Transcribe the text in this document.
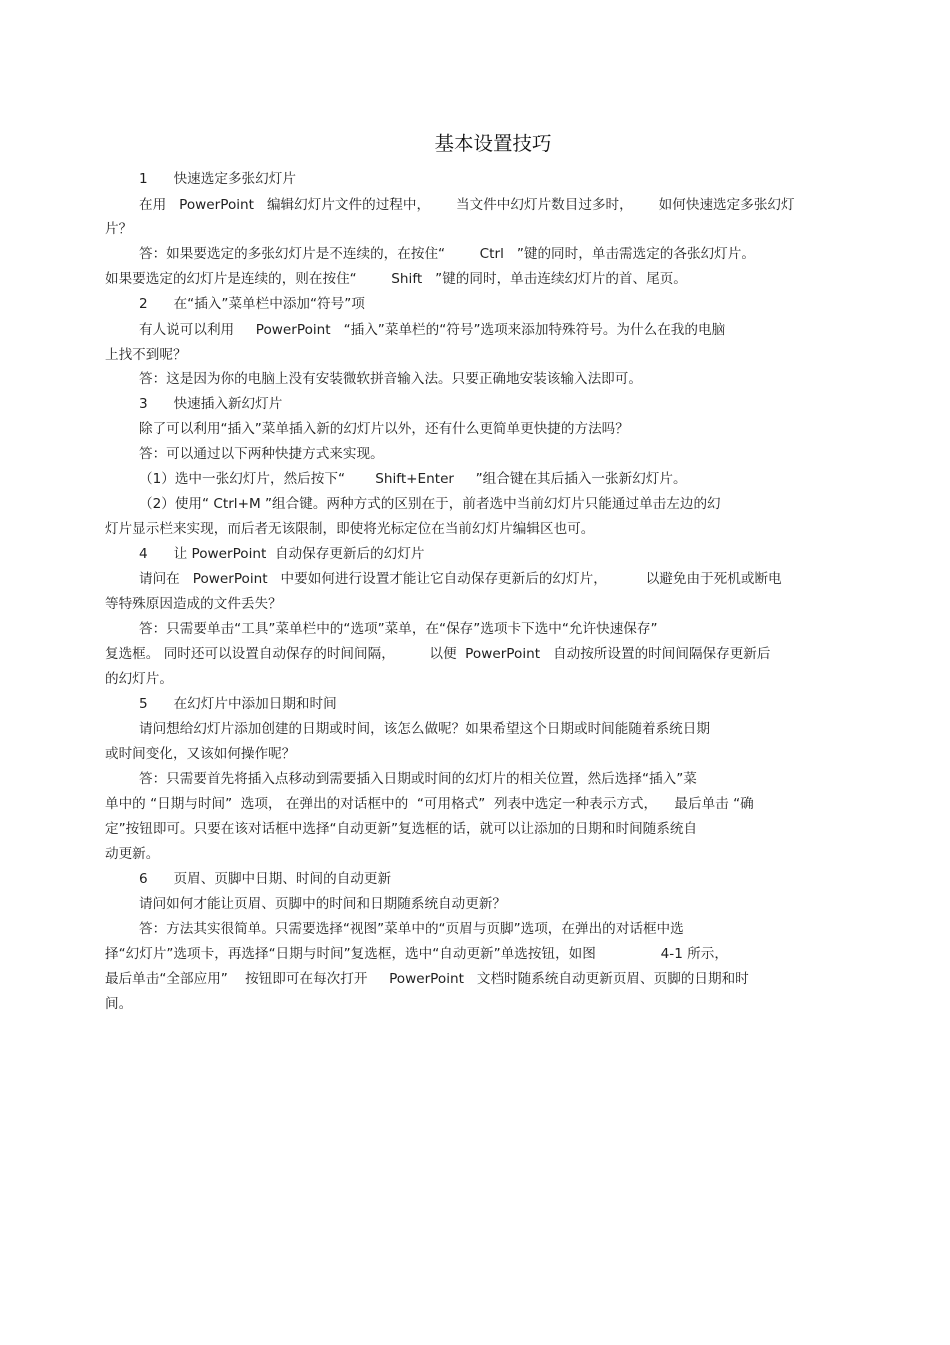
基本设置技巧
1      快速选定多张幻灯片
在用   PowerPoint   编辑幻灯片文件的过程中，      当文件中幻灯片数目过多时，      如何快速选定多张幻灯
片？
答：如果要选定的多张幻灯片是不连续的，在按住“        Ctrl   ”键的同时，单击需选定的各张幻灯片。
如果要选定的幻灯片是连续的，则在按住“        Shift   ”键的同时，单击连续幻灯片的首、尾页。
2      在“插入”菜单栏中添加“符号”项
有人说可以利用     PowerPoint   “插入”菜单栏的“符号”选项来添加特殊符号。为什么在我的电脑
上找不到呢？
答：这是因为你的电脑上没有安装微软拼音输入法。只要正确地安装该输入法即可。
3      快速插入新幻灯片
除了可以利用“插入”菜单插入新的幻灯片以外，还有什么更简单更快捷的方法吗？
答：可以通过以下两种快捷方式来实现。
（1）选中一张幻灯片，然后按下“       Shift+Enter     ”组合键在其后插入一张新幻灯片。
（2）使用“ Ctrl+M ”组合键。两种方式的区别在于，前者选中当前幻灯片只能通过单击左边的幻
灯片显示栏来实现，而后者无该限制，即使将光标定位在当前幻灯片编辑区也可。
4      让 PowerPoint  自动保存更新后的幻灯片
请问在   PowerPoint   中要如何进行设置才能让它自动保存更新后的幻灯片，         以避免由于死机或断电
等特殊原因造成的文件丢失？
答：只需要单击“工具”菜单栏中的“选项”菜单，在“保存”选项卡下选中“允许快速保存”
复选框。 同时还可以设置自动保存的时间间隔，        以便  PowerPoint   自动按所设置的时间间隔保存更新后
的幻灯片。
5      在幻灯片中添加日期和时间
请问想给幻灯片添加创建的日期或时间，该怎么做呢？如果希望这个日期或时间能随着系统日期
或时间变化，又该如何操作呢？
答：只需要首先将插入点移动到需要插入日期或时间的幻灯片的相关位置，然后选择“插入”菜
单中的 “日期与时间”  选项， 在弹出的对话框中的  “可用格式”  列表中选定一种表示方式，    最后单击 “确
定”按钮即可。只要在该对话框中选择“自动更新”复选框的话，就可以让添加的日期和时间随系统自
动更新。
6      页眉、页脚中日期、时间的自动更新
请问如何才能让页眉、页脚中的时间和日期随系统自动更新？
答：方法其实很简单。只需要选择“视图”菜单中的“页眉与页脚”选项，在弹出的对话框中选
择“幻灯片”选项卡，再选择“日期与时间”复选框，选中“自动更新”单选按钮，如图               4-1 所示，
最后单击“全部应用”    按钮即可在每次打开     PowerPoint   文档时随系统自动更新页眉、页脚的日期和时
间。
